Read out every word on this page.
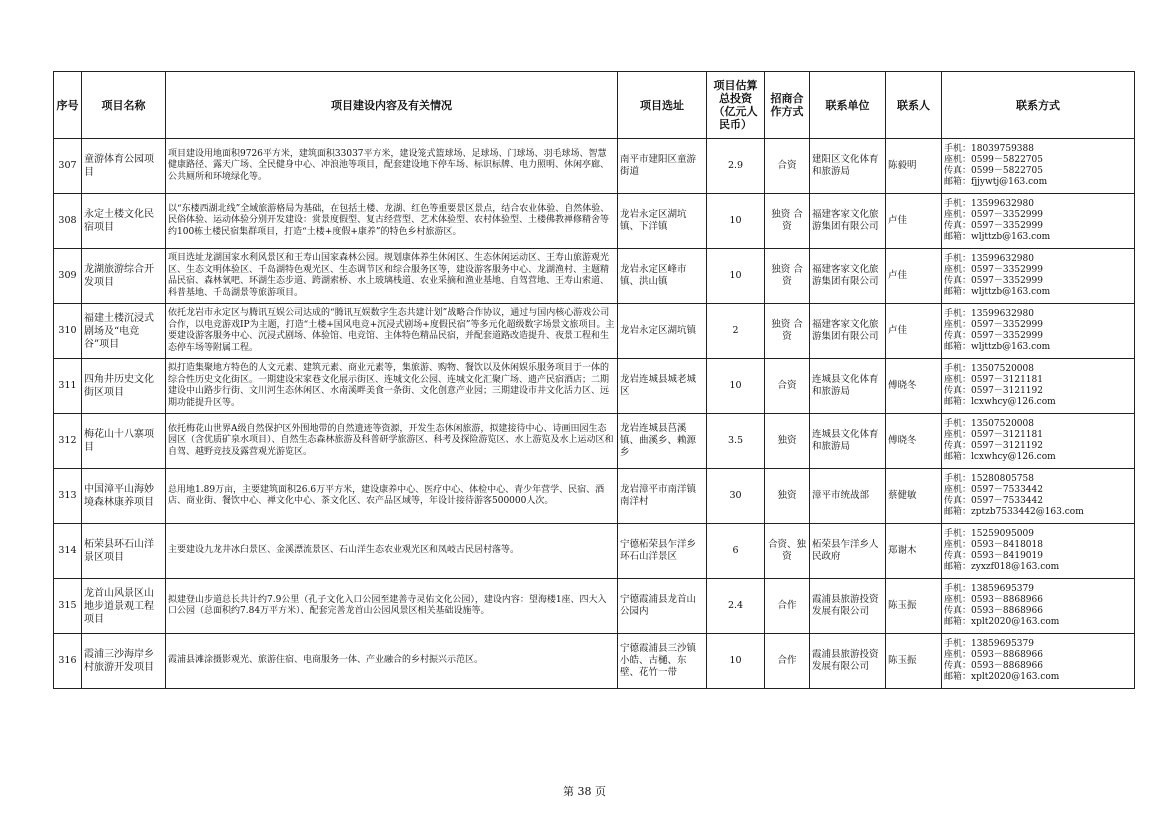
序号	项目名称	项目建设内容及有关情况	项目选址	项目估算总投资（亿元人民币）	招商合作方式	联系单位	联系人	联系方式
307	童游体育公园项目	项目建设用地面积9726平方米，建筑面积33037平方米，建设笼式篮球场、足球场、门球场、羽毛球场、智慧健康路径、露天广场、全民健身中心、冲浪池等项目，配套建设地下停车场、标识标牌、电力照明、休闲亭廊、公共厕所和环境绿化等。	南平市建阳区童游街道	2.9	合资	建阳区文化体育和旅游局	陈毅明	手机：18039759388
座机：0599－5822705
传真：0599－5822705
邮箱：fjjywtj@163.com

308	永定土楼文化民宿项目	以“东楼西湖北线”全域旅游格局为基础，在包括土楼、龙湖、红色等重要景区景点，结合农业体验、自然体验、民俗体验、运动体验分别开发建设：赏景度假型、复古经营型、艺术体验型、农村体验型、土楼佛教禅修精舍等约100栋土楼民宿集群项目，打造“土楼+度假+康养”的特色乡村旅游区。	龙岩永定区湖坑镇、下洋镇	10	独资 合资	福建客家文化旅游集团有限公司	卢佳	手机：13599632980
座机：0597－3352999
传真：0597－3352999
邮箱：wljttzb@163.com

309	龙湖旅游综合开发项目	项目选址龙湖国家水利风景区和王寿山国家森林公园。规划康体养生休闲区、生态休闲运动区、王寿山旅游观光区、生态文明体验区、千岛湖特色观光区、生态调节区和综合服务区等，建设游客服务中心、龙湖渔村、主题精品民宿、森林氧吧、环湖生态步道、跨湖索桥、水上玻璃栈道、农业采摘和渔业基地、自驾营地、王寿山索道、科普基地、千岛湖景等旅游项目。	龙岩永定区峰市镇、洪山镇	10	独资 合资	福建客家文化旅游集团有限公司	卢佳	手机：13599632980
座机：0597－3352999
传真：0597－3352999
邮箱：wljttzb@163.com

310	福建土楼沉浸式剧场及“电竞谷”项目	依托龙岩市永定区与腾讯互娱公司达成的“腾讯互娱数字生态共建计划”战略合作协议，通过与国内核心游戏公司合作，以电竞游戏IP为主题，打造“土楼+国风电竞+沉浸式剧场+度假民宿”等多元化超级数字场景文旅项目。主要建设游客服务中心、沉浸式剧场、体验馆、电竞馆、主体特色精品民宿，并配套道路改造提升、夜景工程和生态停车场等附属工程。	龙岩永定区湖坑镇	2	独资 合资	福建客家文化旅游集团有限公司	卢佳	手机：13599632980
座机：0597－3352999
传真：0597－3352999
邮箱：wljttzb@163.com

311	四角井历史文化街区项目	拟打造集聚地方特色的人文元素、建筑元素、商业元素等，集旅游、购物、餐饮以及休闲娱乐服务项目于一体的综合性历史文化街区。一期建设宋家巷文化展示街区、连城文化公园、连城文化汇聚广场、遗产民宿酒店；二期建设中山路步行街、文川河生态休闲区、水南溪畔美食一条街、文化创意产业园；三期建设市井文化活力区、远期功能提升区等。	龙岩连城县城老城区	10	合资	连城县文化体育和旅游局	傅晓冬	手机：13507520008
座机：0597－3121181
传真：0597－3121192
邮箱：lcxwhcy@126.com

312	梅花山十八寨项目	依托梅花山世界A级自然保护区外围地带的自然遗迹等资源，开发生态休闲旅游，拟建接待中心、诗画田园生态园区（含优质矿泉水项目）、自然生态森林旅游及科普研学旅游区、科考及探险游览区、水上游览及水上运动区和自驾、越野竞技及露营观光游览区。	龙岩连城县莒溪镇、曲溪乡、赖源乡	3.5	独资	连城县文化体育和旅游局	傅晓冬	手机：13507520008
座机：0597－3121181
传真：0597－3121192
邮箱：lcxwhcy@126.com

313	中国漳平山海妙境森林康养项目	总用地1.89万亩，主要建筑面积26.6万平方米，建设康养中心、医疗中心、体检中心、青少年营学、民宿、酒店、商业街、餐饮中心、禅文化中心、茶文化区、农产品区域等，年设计接待游客500000人次。	龙岩漳平市南洋镇南洋村	30	独资	漳平市统战部	蔡健敏	手机：15280805758
座机：0597－7533442
传真：0597－7533442
邮箱：zptzb7533442@163.com

314	柘荣县环石山洋景区项目	主要建设九龙井冰臼景区、金溪漂流景区、石山洋生态农业观光区和凤岐古民居村落等。	宁德柘荣县乍洋乡环石山洋景区	6	合资、独资	柘荣县乍洋乡人民政府	郑谢木	手机：15259095009
座机：0593－8418018
传真：0593－8419019
邮箱：zyxzf018@163.com

315	龙首山风景区山地步道景观工程项目	拟建登山步道总长共计约7.9公里（孔子文化入口公园至建善寺灵佑文化公园），建设内容：望海楼1座、四大入口公园（总面积约7.84万平方米）、配套完善龙首山公园风景区相关基础设施等。	宁德霞浦县龙首山公园内	2.4	合作	霞浦县旅游投资发展有限公司	陈玉振	手机：13859695379
座机：0593－8868966
传真：0593－8868966
邮箱：xplt2020@163.com

316	霞浦三沙海岸乡村旅游开发项目	霞浦县滩涂摄影观光、旅游住宿、电商服务一体、产业融合的乡村振兴示范区。	宁德霞浦县三沙镇小皓、古樋、东壁、花竹一带	10	合作	霞浦县旅游投资发展有限公司	陈玉振	手机：13859695379
座机：0593－8868966
传真：0593－8868966
邮箱：xplt2020@163.com
第 38 页
